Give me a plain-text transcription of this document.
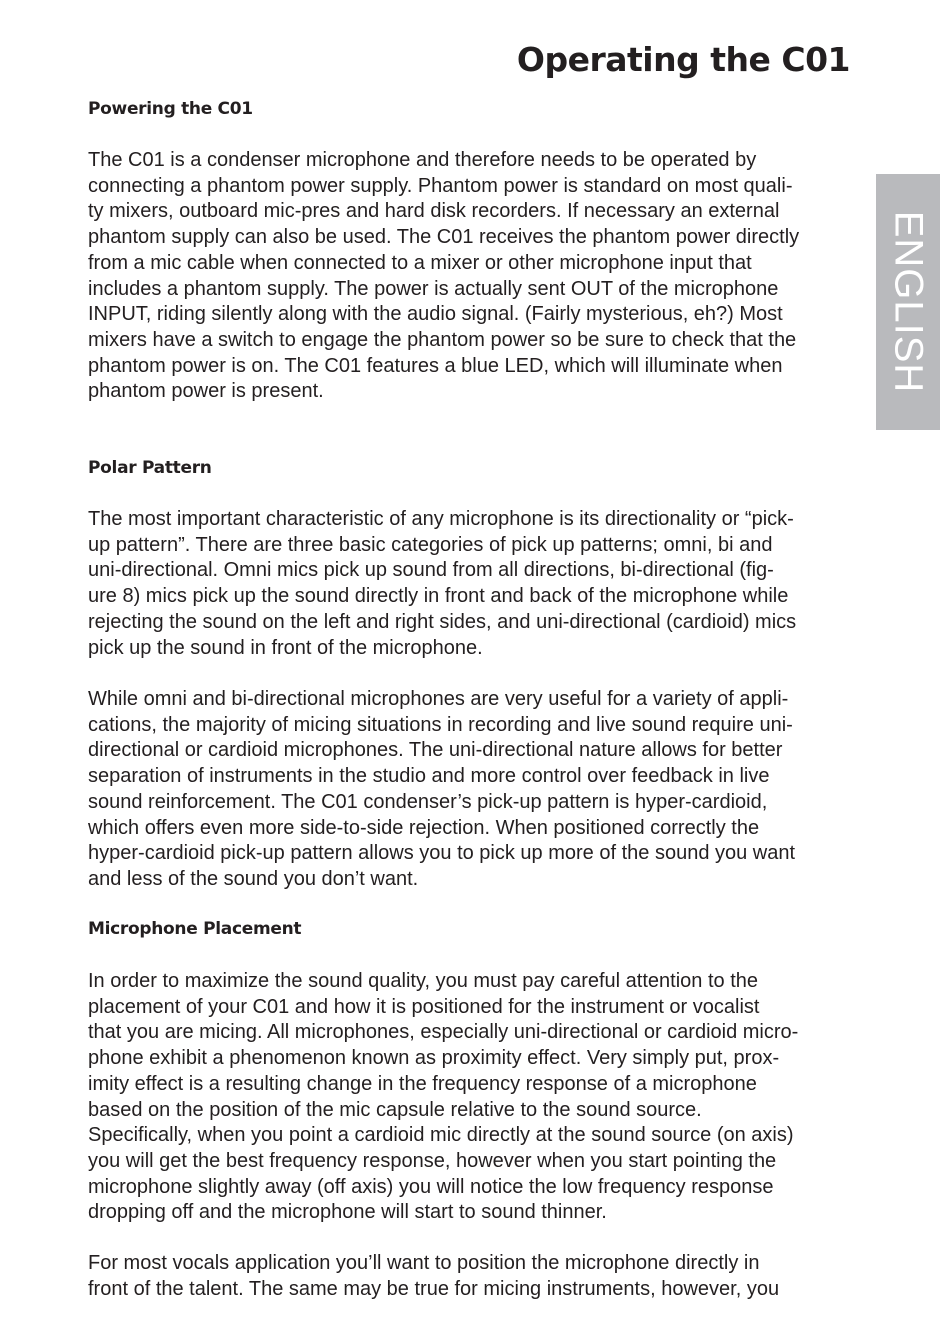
Operating the C01
ENGLISH
Powering the C01

The C01 is a condenser microphone and therefore needs to be operated by
connecting a phantom power supply. Phantom power is standard on most quali-
ty mixers, outboard mic-pres and hard disk recorders. If necessary an external
phantom supply can also be used. The C01 receives the phantom power directly
from a mic cable when connected to a mixer or other microphone input that
includes a phantom supply. The power is actually sent OUT of the microphone
INPUT, riding silently along with the audio signal. (Fairly mysterious, eh?) Most
mixers have a switch to engage the phantom power so be sure to check that the
phantom power is on. The C01 features a blue LED, which will illuminate when
phantom power is present.

Polar Pattern

The most important characteristic of any microphone is its directionality or “pick-
up pattern”. There are three basic categories of pick up patterns; omni, bi and
uni-directional. Omni mics pick up sound from all directions, bi-directional (fig-
ure 8) mics pick up the sound directly in front and back of the microphone while
rejecting the sound on the left and right sides, and uni-directional (cardioid) mics
pick up the sound in front of the microphone.

While omni and bi-directional microphones are very useful for a variety of appli-
cations, the majority of micing situations in recording and live sound require uni-
directional or cardioid microphones. The uni-directional nature allows for better
separation of instruments in the studio and more control over feedback in live
sound reinforcement. The C01 condenser’s pick-up pattern is hyper-cardioid,
which offers even more side-to-side rejection. When positioned correctly the
hyper-cardioid pick-up pattern allows you to pick up more of the sound you want
and less of the sound you don’t want.

Microphone Placement

In order to maximize the sound quality, you must pay careful attention to the
placement of your C01 and how it is positioned for the instrument or vocalist
that you are micing. All microphones, especially uni-directional or cardioid micro-
phone exhibit a phenomenon known as proximity effect. Very simply put, prox-
imity effect is a resulting change in the frequency response of a microphone
based on the position of the mic capsule relative to the sound source.
Specifically, when you point a cardioid mic directly at the sound source (on axis)
you will get the best frequency response, however when you start pointing the
microphone slightly away (off axis) you will notice the low frequency response
dropping off and the microphone will start to sound thinner.

For most vocals application you’ll want to position the microphone directly in
front of the talent. The same may be true for micing instruments, however, you
